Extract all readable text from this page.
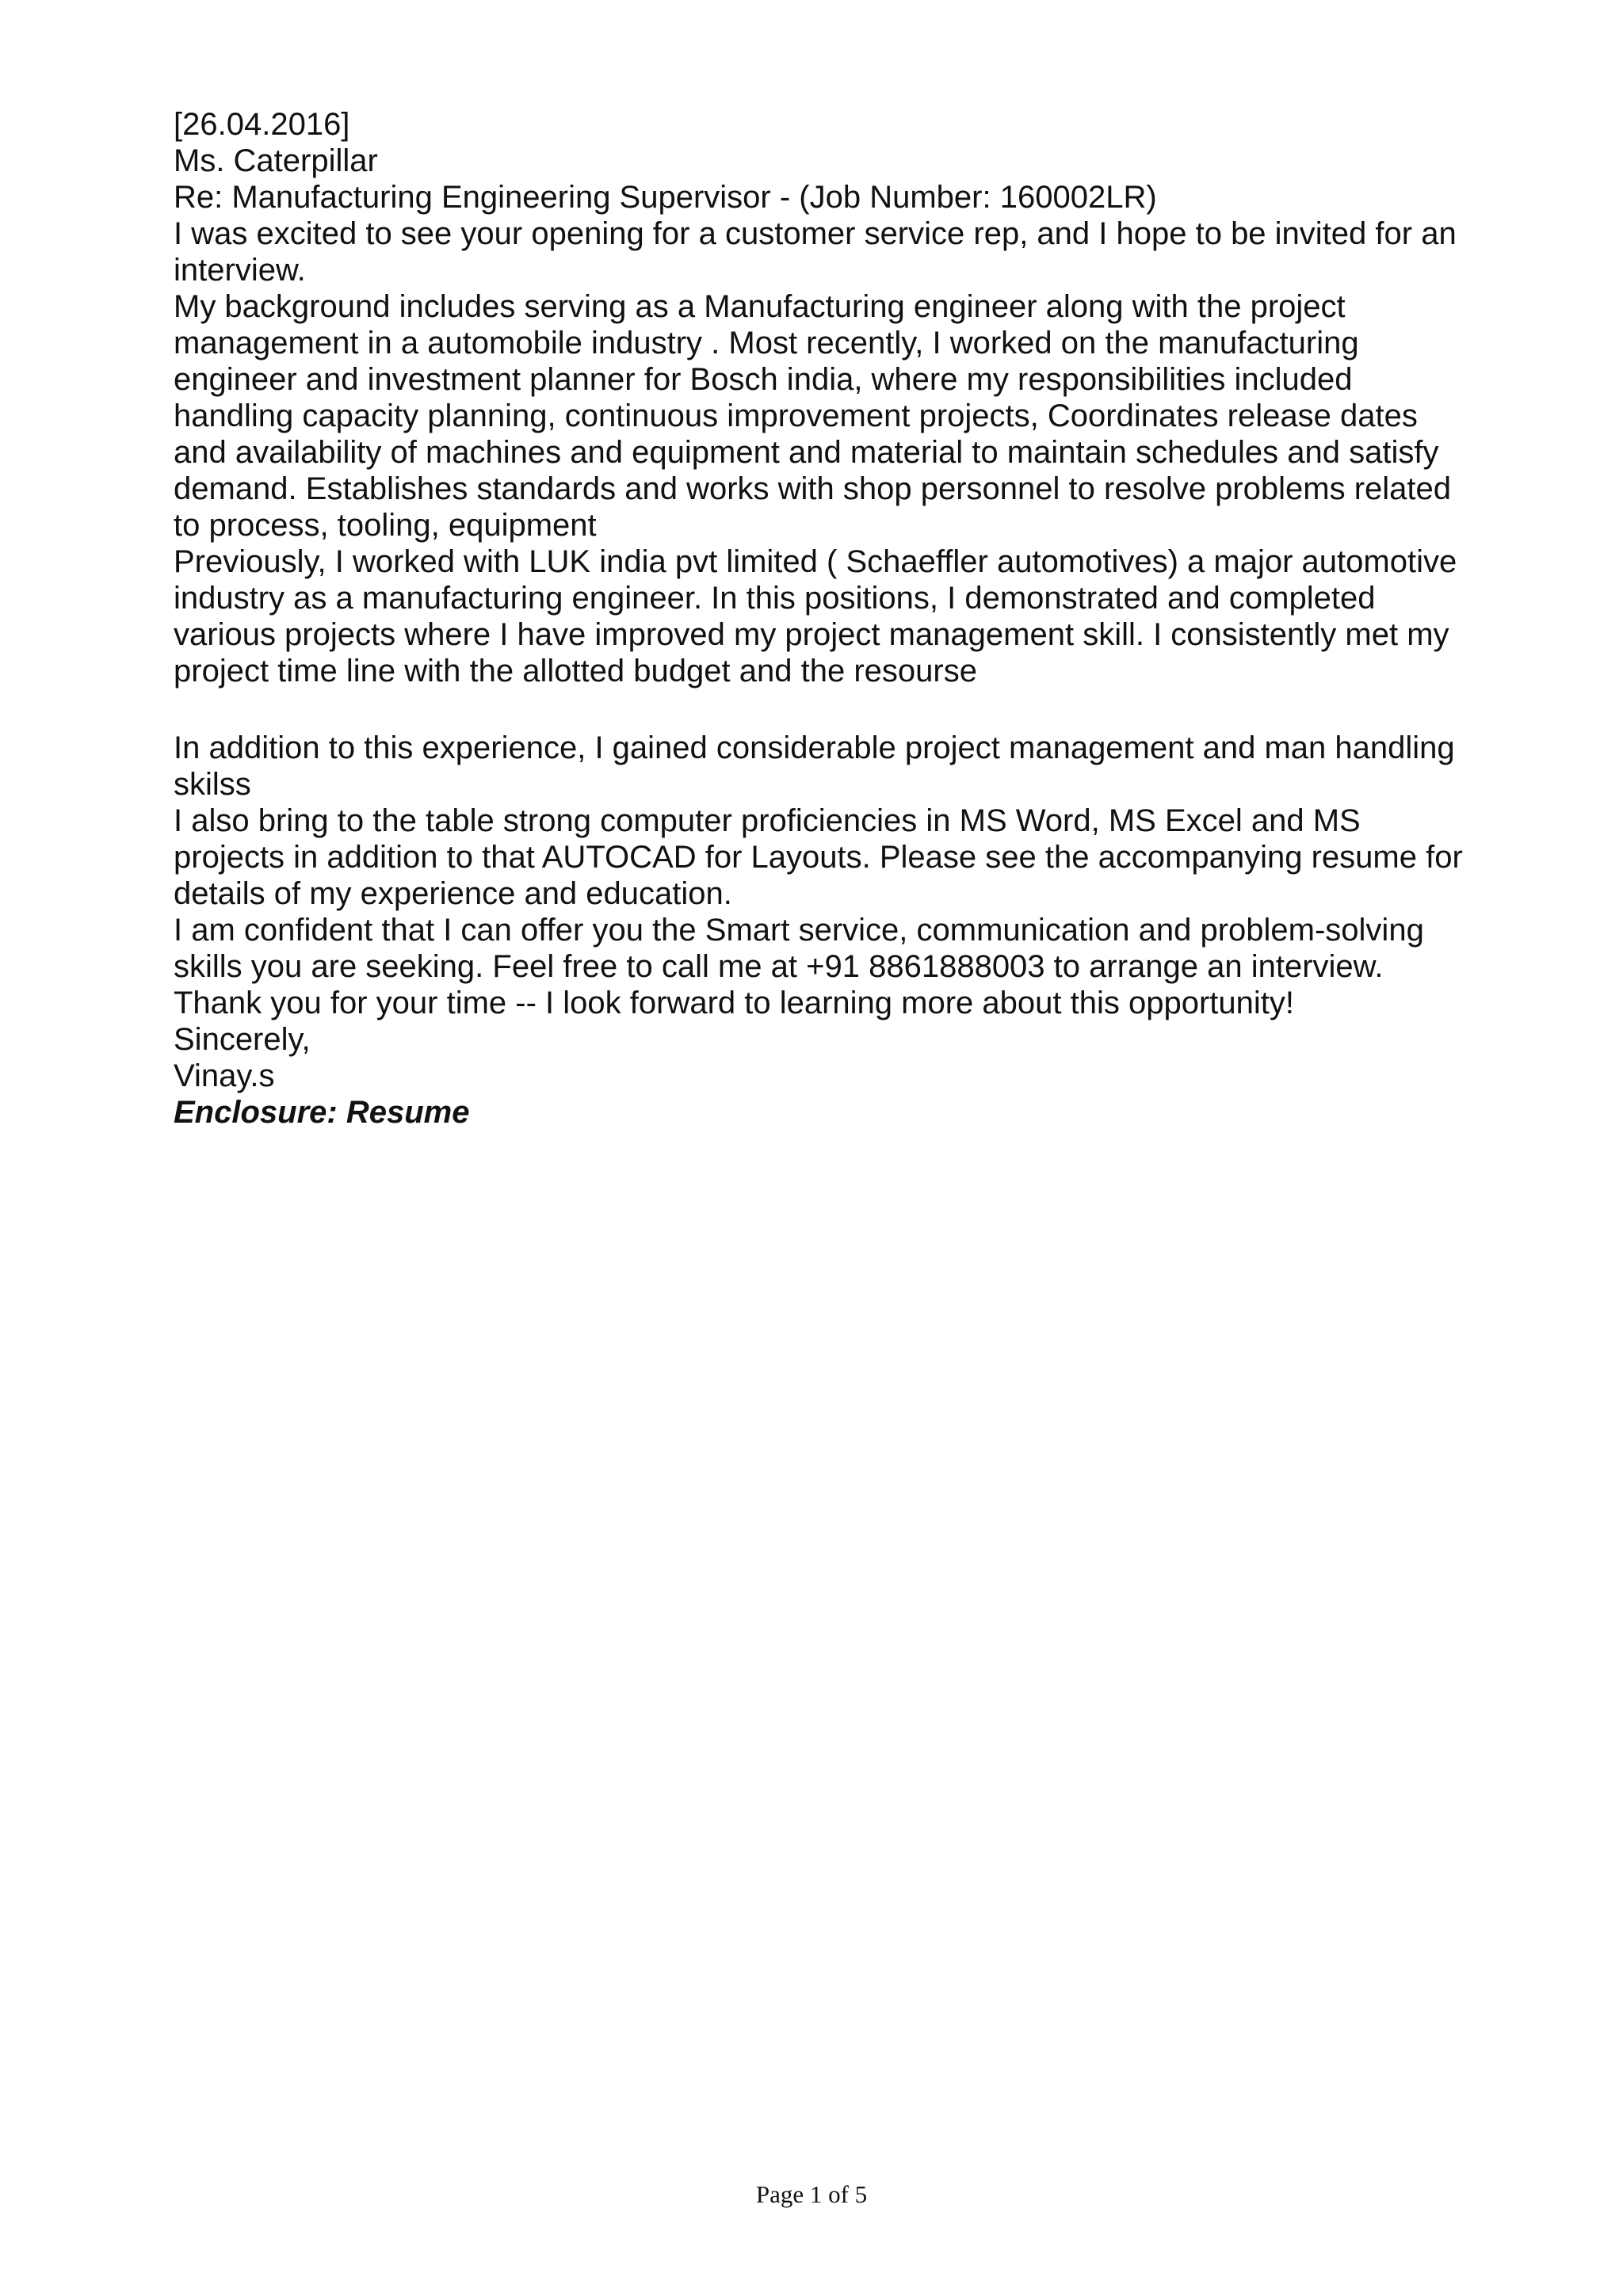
[26.04.2016]

Ms. Caterpillar

Re: Manufacturing Engineering Supervisor - (Job Number: 160002LR)

I was excited to see your opening for a customer service rep, and I hope to be invited for an interview.

My background includes serving as a Manufacturing engineer along with the project management in a automobile industry . Most recently, I worked on the manufacturing engineer and investment planner for Bosch india, where my responsibilities included handling capacity planning, continuous improvement projects, Coordinates release dates and availability of machines and equipment and material to maintain schedules and satisfy demand. Establishes standards and works with shop personnel to resolve problems related to process, tooling, equipment

Previously, I worked with LUK india pvt limited ( Schaeffler automotives) a major automotive industry as a manufacturing engineer. In this positions, I demonstrated and completed various projects where I have improved my project management skill. I consistently met my project time line with the allotted budget and the resourse

In addition to this experience, I gained considerable project management and man handling skilss

I also bring to the table strong computer proficiencies in MS Word, MS Excel and MS projects in addition to that AUTOCAD for Layouts. Please see the accompanying resume for details of my experience and education.

I am confident that I can offer you the Smart service, communication and problem-solving skills you are seeking. Feel free to call me at +91 8861888003 to arrange an interview. Thank you for your time -- I look forward to learning more about this opportunity!

Sincerely,

Vinay.s

Enclosure: Resume

Page 1 of 5
